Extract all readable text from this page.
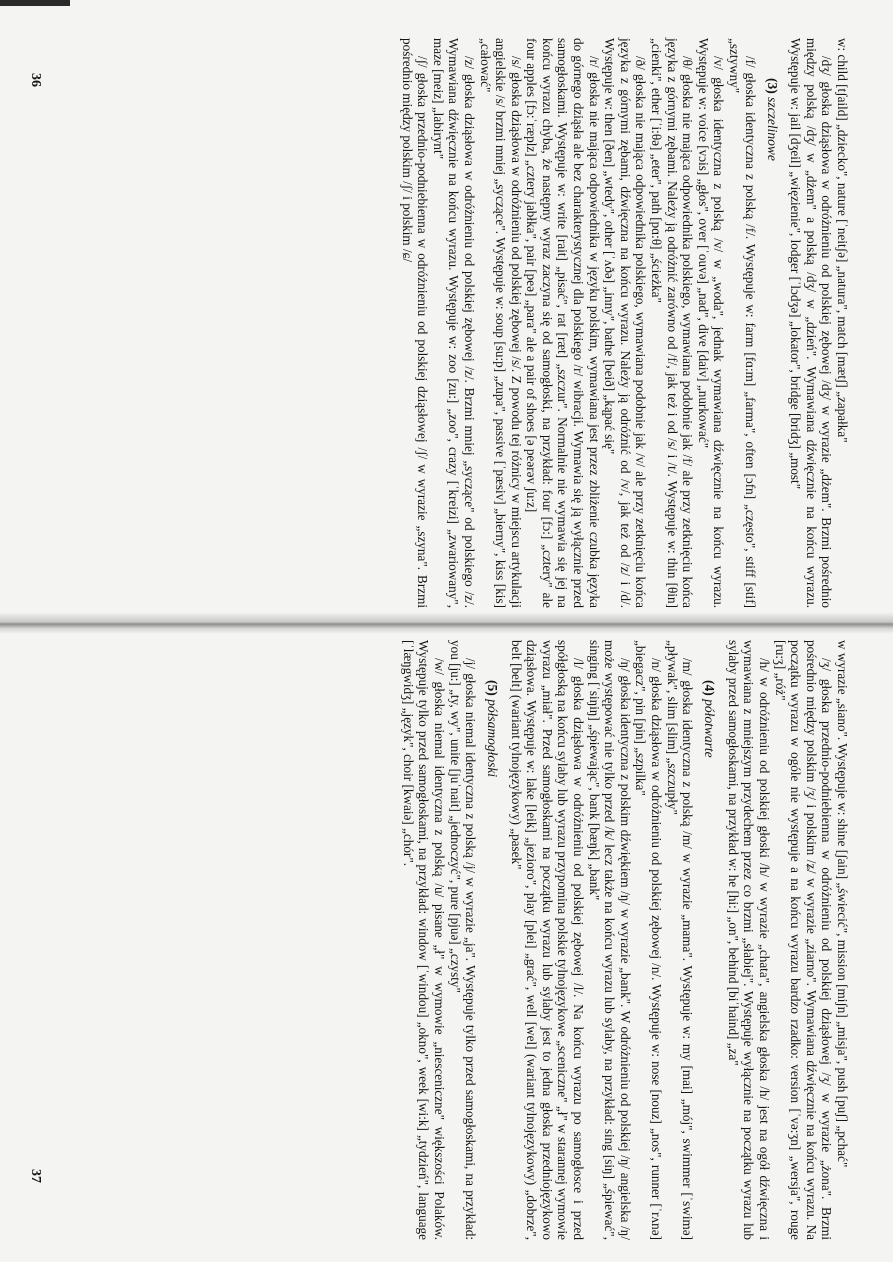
36
37

w: child [tʃaild] „dziecko", nature [ˈneitʃə] „natura", match [mætʃ] „zapałka"

/dʒ/ głoska dziąsłowa w odróżnieniu od polskiej zębowej /dʒ/ w wyrazie „dżem". Brzmi pośrednio między polską /dʒ/ w „dżem" a polską /dʒ/ w „dzień". Wymawiana dźwięcznie na końcu wyrazu. Występuje w: jail [dʒeil] „więzienie", lodger [ˈlɔdʒə] „lokator", bridge [bridʒ] „most"

(3) szczelinowe

/f/ głoska identyczna z polską /f/. Występuje w: farm [fɑ:m] „farma", often [ɔfn] „często", stiff [stif] „sztywny"

/v/ głoska identyczna z polską /v/ w „woda", jednak wymawiana dźwięcznie na końcu wyrazu. Występuje w: voice [vɔis] „głos", over [ˈouvə] „nad", dive [daiv] „nurkować"

/θ/ głoska nie mająca odpowiednika polskiego, wymawiana podobnie jak /f/ ale przy zetknięciu końca języka z górnymi zębami. Należy ją odróżnić zarówno od /f/, jak też i od /s/ i /t/. Występuje w: thin [θin] „cienki", ether [ˈi:θə] „eter", path [pɑ:θ] „ścieżka"

/ð/ głoska nie mająca odpowiednika polskiego, wymawiana podobnie jak /v/ ale przy zetknięciu końca języka z górnymi zębami, dźwięczna na końcu wyrazu. Należy ją odróżnić od /v/, jak też od /z/ i /d/. Występuje w: then [ðen] „wtedy", other [ˈʌðə] „inny", bathe [beið] „kąpać się"

/r/ głoska nie mająca odpowiednika w języku polskim, wymawiana jest przez zbliżenie czubka języka do górnego dziąsła ale bez charakterystycznej dla polskiego /r/ wibracji. Wymawia się ją wyłącznie przed samogłoskami. Występuje w: write [rait] „pisać", rat [ræt] „szczur". Normalnie nie wymawia się jej na końcu wyrazu chyba, że następny wyraz zaczyna się od samogłoski, na przykład: four [fɔ:] „cztery" ale four apples [fɔ:ˈræplz] „cztery jabłka", pair [peə] „para" ale a pair of shoes [ə peərəv ʃu:z]

/s/ głoska dziąsłowa w odróżnieniu od polskiej zębowej /s/. Z powodu tej różnicy w miejscu artykulacji angielskie /s/ brzmi mniej „syczące". Występuje w: soup [su:p] „zupa", passive [ˈpæsiv] „bierny", kiss [kis] „całować"

/z/ głoska dziąsłowa w odróżnieniu od polskiej zębowej /z/. Brzmi mniej „syczące" od polskiego /z/. Wymawiana dźwięcznie na końcu wyrazu. Występuje w: zoo [zu:] „zoo", crazy [ˈkreizi] „zwariowany", maze [meiz] „labirynt"

/ʃ/ głoska przednio-podniebienna w odróżnieniu od polskiej dziąsłowej /ʃ/ w wyrazie „szyna". Brzmi pośrednio między polskim /ʃ/ i polskim /ɕ/

w wyrazie „siano". Występuje w: shine [ʃain] „świecić", mission [miʃn] „misja", push [puʃ] „pchać"

/ʒ/ głoska przednio-podniebienna w odróżnieniu od polskiej dziąsłowej /ʒ/ w wyrazie „żona". Brzmi pośrednio między polskim /ʒ/ i polskim /ʑ/ w wyrazie „ziarno". Wymawiana dźwięcznie na końcu wyrazu. Na początku wyrazu w ogóle nie występuje a na końcu wyrazu bardzo rzadko: version [ˈvə:ʒn] „wersja", rouge [ru:ʒ] „róż"

/h/ w odróżnieniu od polskiej głoski /h/ w wyrazie „chata", angielska głoska /h/ jest na ogół dźwięczna i wymawiana z mniejszym przydechem przez co brzmi „słabiej". Występuje wyłącznie na początku wyrazu lub sylaby przed samogłoskami, na przykład w: he [hi:] „on", behind [biˈhaind] „za"

(4) półotwarte

/m/ głoska identyczna z polską /m/ w wyrazie „mama". Występuje w: my [mai] „mój", swimmer [ˈswimə] „pływak", slim [slim] „szczupły"

/n/ głoska dziąsłowa w odróżnieniu od polskiej zębowej /n/. Występuje w: nose [nouz] „nos", runner [ˈrʌnə] „biegacz", pin [pin] „szpilka"

/ŋ/ głoska identyczna z polskim dźwiękiem /ŋ/ w wyrazie „bank". W odróżnieniu od polskiej /ŋ/ angielska /ŋ/ może występować nie tylko przed /k/ lecz także na końcu wyrazu lub sylaby, na przykład: sing [siŋ] „śpiewać", singing [ˈsiŋiŋ] „śpiewając", bank [bæŋk] „bank"

/l/ głoska dziąsłowa w odróżnieniu od polskiej zębowej /l/. Na końcu wyrazu po samogłosce i przed spółgłoską na końcu sylaby lub wyrazu przypomina polskie tylnojęzykowe „sceniczne" „ł" w starannej wymowie wyrazu „miał". Przed samogłoskami na początku wyrazu lub sylaby jest to jedna głoska przedniojęzykowo dziąsłowa. Występuje w: lake [leik] „jezioro", play [plei] „grać", well [wel] (wariant tylnojęzykowy) „dobrze", belt [belt] (wariant tylnojęzykowy) „pasek"

(5) półsamogłoski

/j/ głoska niemal identyczna z polską /j/ w wyrazie „ja". Występuje tylko przed samogłoskami, na przykład: you [ju:] „ty, wy", unite [juˈnait] „jednoczyć", pure [pjuə] „czysty"

/w/ głoska niemal identyczna z polską /u/ pisane „ł" w wymowie „niesceniczne" większości Polaków. Występuje tylko przed samogłoskami, na przykład: window [ˈwindou] „okno", week [wi:k] „tydzień", language [ˈlæŋgwidʒ] „język", choir [kwaiə] „chór".
